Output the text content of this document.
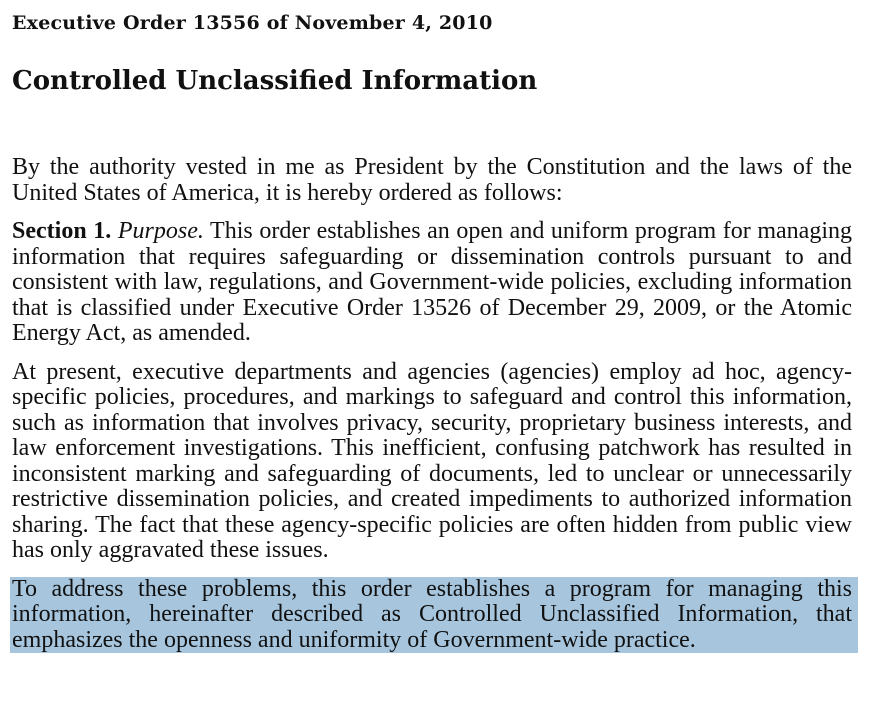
Executive Order 13556 of November 4, 2010

Controlled Unclassified Information

By the authority vested in me as President by the Constitution and the laws of the United States of America, it is hereby ordered as follows:

Section 1. Purpose. This order establishes an open and uniform program for managing information that requires safeguarding or dissemination controls pursuant to and consistent with law, regulations, and Government-wide policies, excluding information that is classified under Executive Order 13526 of December 29, 2009, or the Atomic Energy Act, as amended.

At present, executive departments and agencies (agencies) employ ad hoc, agency-specific policies, procedures, and markings to safeguard and control this information, such as information that involves privacy, security, proprietary business interests, and law enforcement investigations. This inefficient, confusing patchwork has resulted in inconsistent marking and safeguarding of documents, led to unclear or unnecessarily restrictive dissemination policies, and created impediments to authorized information sharing. The fact that these agency-specific policies are often hidden from public view has only aggravated these issues.

To address these problems, this order establishes a program for managing this information, hereinafter described as Controlled Unclassified Information, that emphasizes the openness and uniformity of Government-wide practice.
